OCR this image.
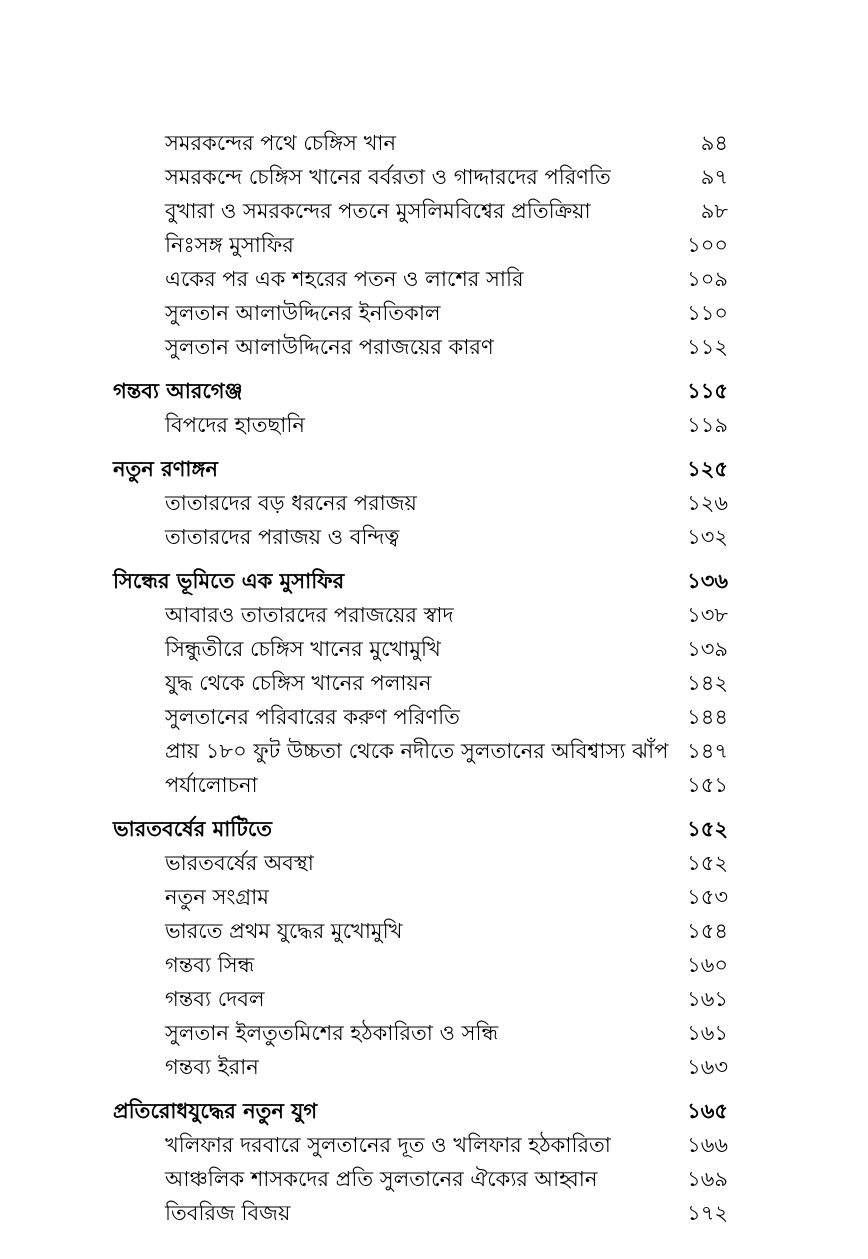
সমরকন্দের পথে চেঙ্গিস খান	৯৪
সমরকন্দে চেঙ্গিস খানের বর্বরতা ও গাদ্দারদের পরিণতি	৯৭
বুখারা ও সমরকন্দের পতনে মুসলিমবিশ্বের প্রতিক্রিয়া	৯৮
নিঃসঙ্গ মুসাফির	১০০
একের পর এক শহরের পতন ও লাশের সারি	১০৯
সুলতান আলাউদ্দিনের ইনতিকাল	১১০
সুলতান আলাউদ্দিনের পরাজয়ের কারণ	১১২
গন্তব্য আরগেঞ্জ	১১৫
বিপদের হাতছানি	১১৯
নতুন রণাঙ্গন	১২৫
তাতারদের বড় ধরনের পরাজয়	১২৬
তাতারদের পরাজয় ও বন্দিত্ব	১৩২
সিন্ধের ভূমিতে এক মুসাফির	১৩৬
আবারও তাতারদের পরাজয়ের স্বাদ	১৩৮
সিন্ধুতীরে চেঙ্গিস খানের মুখোমুখি	১৩৯
যুদ্ধ থেকে চেঙ্গিস খানের পলায়ন	১৪২
সুলতানের পরিবারের করুণ পরিণতি	১৪৪
প্রায় ১৮০ ফুট উচ্চতা থেকে নদীতে সুলতানের অবিশ্বাস্য ঝাঁপ ১৪৭
পর্যালোচনা	১৫১
ভারতবর্ষের মাটিতে	১৫২
ভারতবর্ষের অবস্থা	১৫২
নতুন সংগ্রাম	১৫৩
ভারতে প্রথম যুদ্ধের মুখোমুখি	১৫৪
গন্তব্য সিন্ধ	১৬০
গন্তব্য দেবল	১৬১
সুলতান ইলতুতমিশের হঠকারিতা ও সন্ধি	১৬১
গন্তব্য ইরান	১৬৩
প্রতিরোধযুদ্ধের নতুন যুগ	১৬৫
খলিফার দরবারে সুলতানের দূত ও খলিফার হঠকারিতা	১৬৬
আঞ্চলিক শাসকদের প্রতি সুলতানের ঐক্যের আহ্বান	১৬৯
তিবরিজ বিজয়	১৭২
